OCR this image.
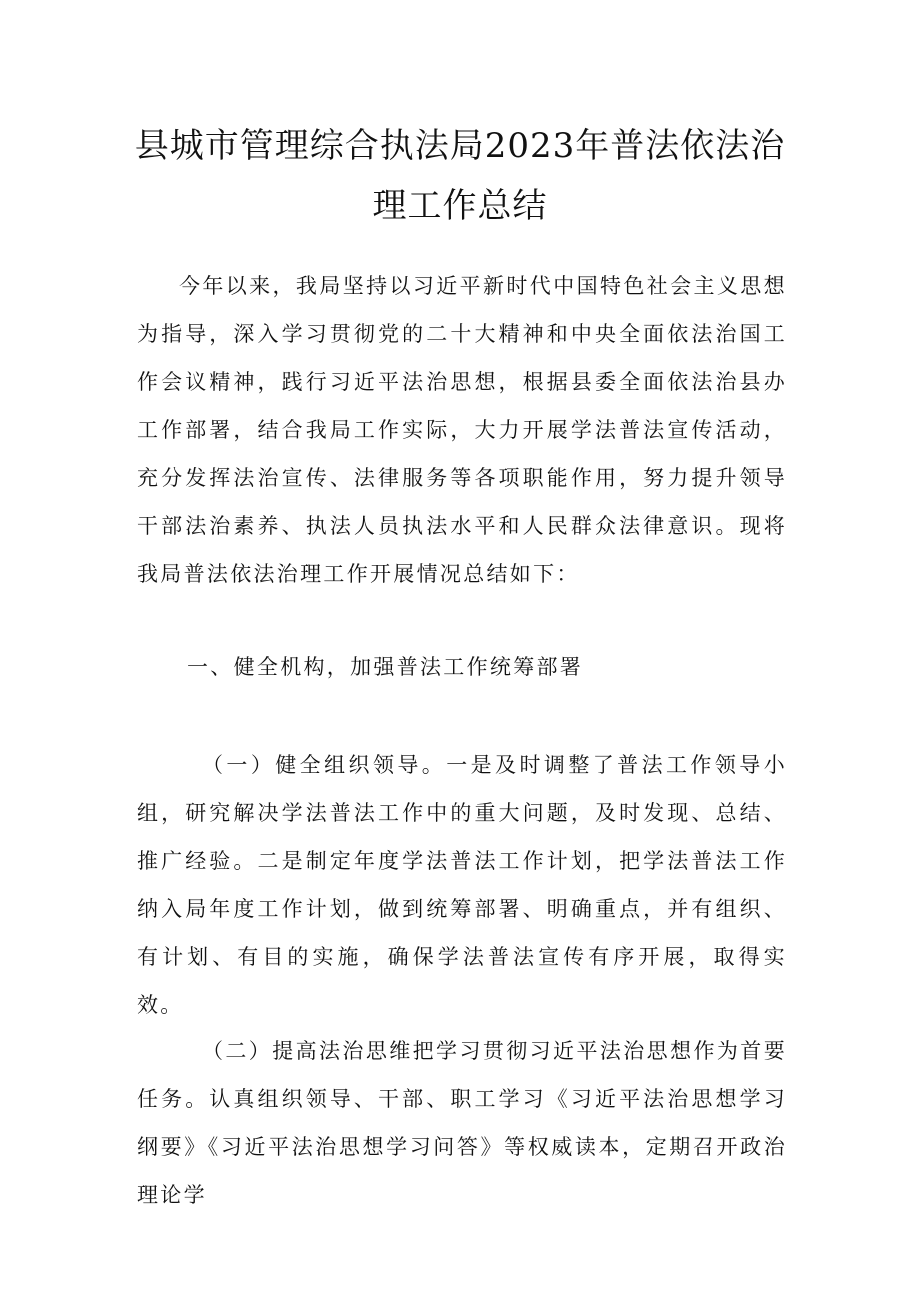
县城市管理综合执法局2023年普法依法治
理工作总结

今年以来，我局坚持以习近平新时代中国特色社会主义思想为指导，深入学习贯彻党的二十大精神和中央全面依法治国工作会议精神，践行习近平法治思想，根据县委全面依法治县办工作部署，结合我局工作实际，大力开展学法普法宣传活动，充分发挥法治宣传、法律服务等各项职能作用，努力提升领导干部法治素养、执法人员执法水平和人民群众法律意识。现将我局普法依法治理工作开展情况总结如下：

一、健全机构，加强普法工作统筹部署

（一）健全组织领导。一是及时调整了普法工作领导小组，研究解决学法普法工作中的重大问题，及时发现、总结、推广经验。二是制定年度学法普法工作计划，把学法普法工作纳入局年度工作计划，做到统筹部署、明确重点，并有组织、有计划、有目的实施，确保学法普法宣传有序开展，取得实效。

（二）提高法治思维把学习贯彻习近平法治思想作为首要任务。认真组织领导、干部、职工学习《习近平法治思想学习纲要》《习近平法治思想学习问答》等权威读本，定期召开政治理论学
